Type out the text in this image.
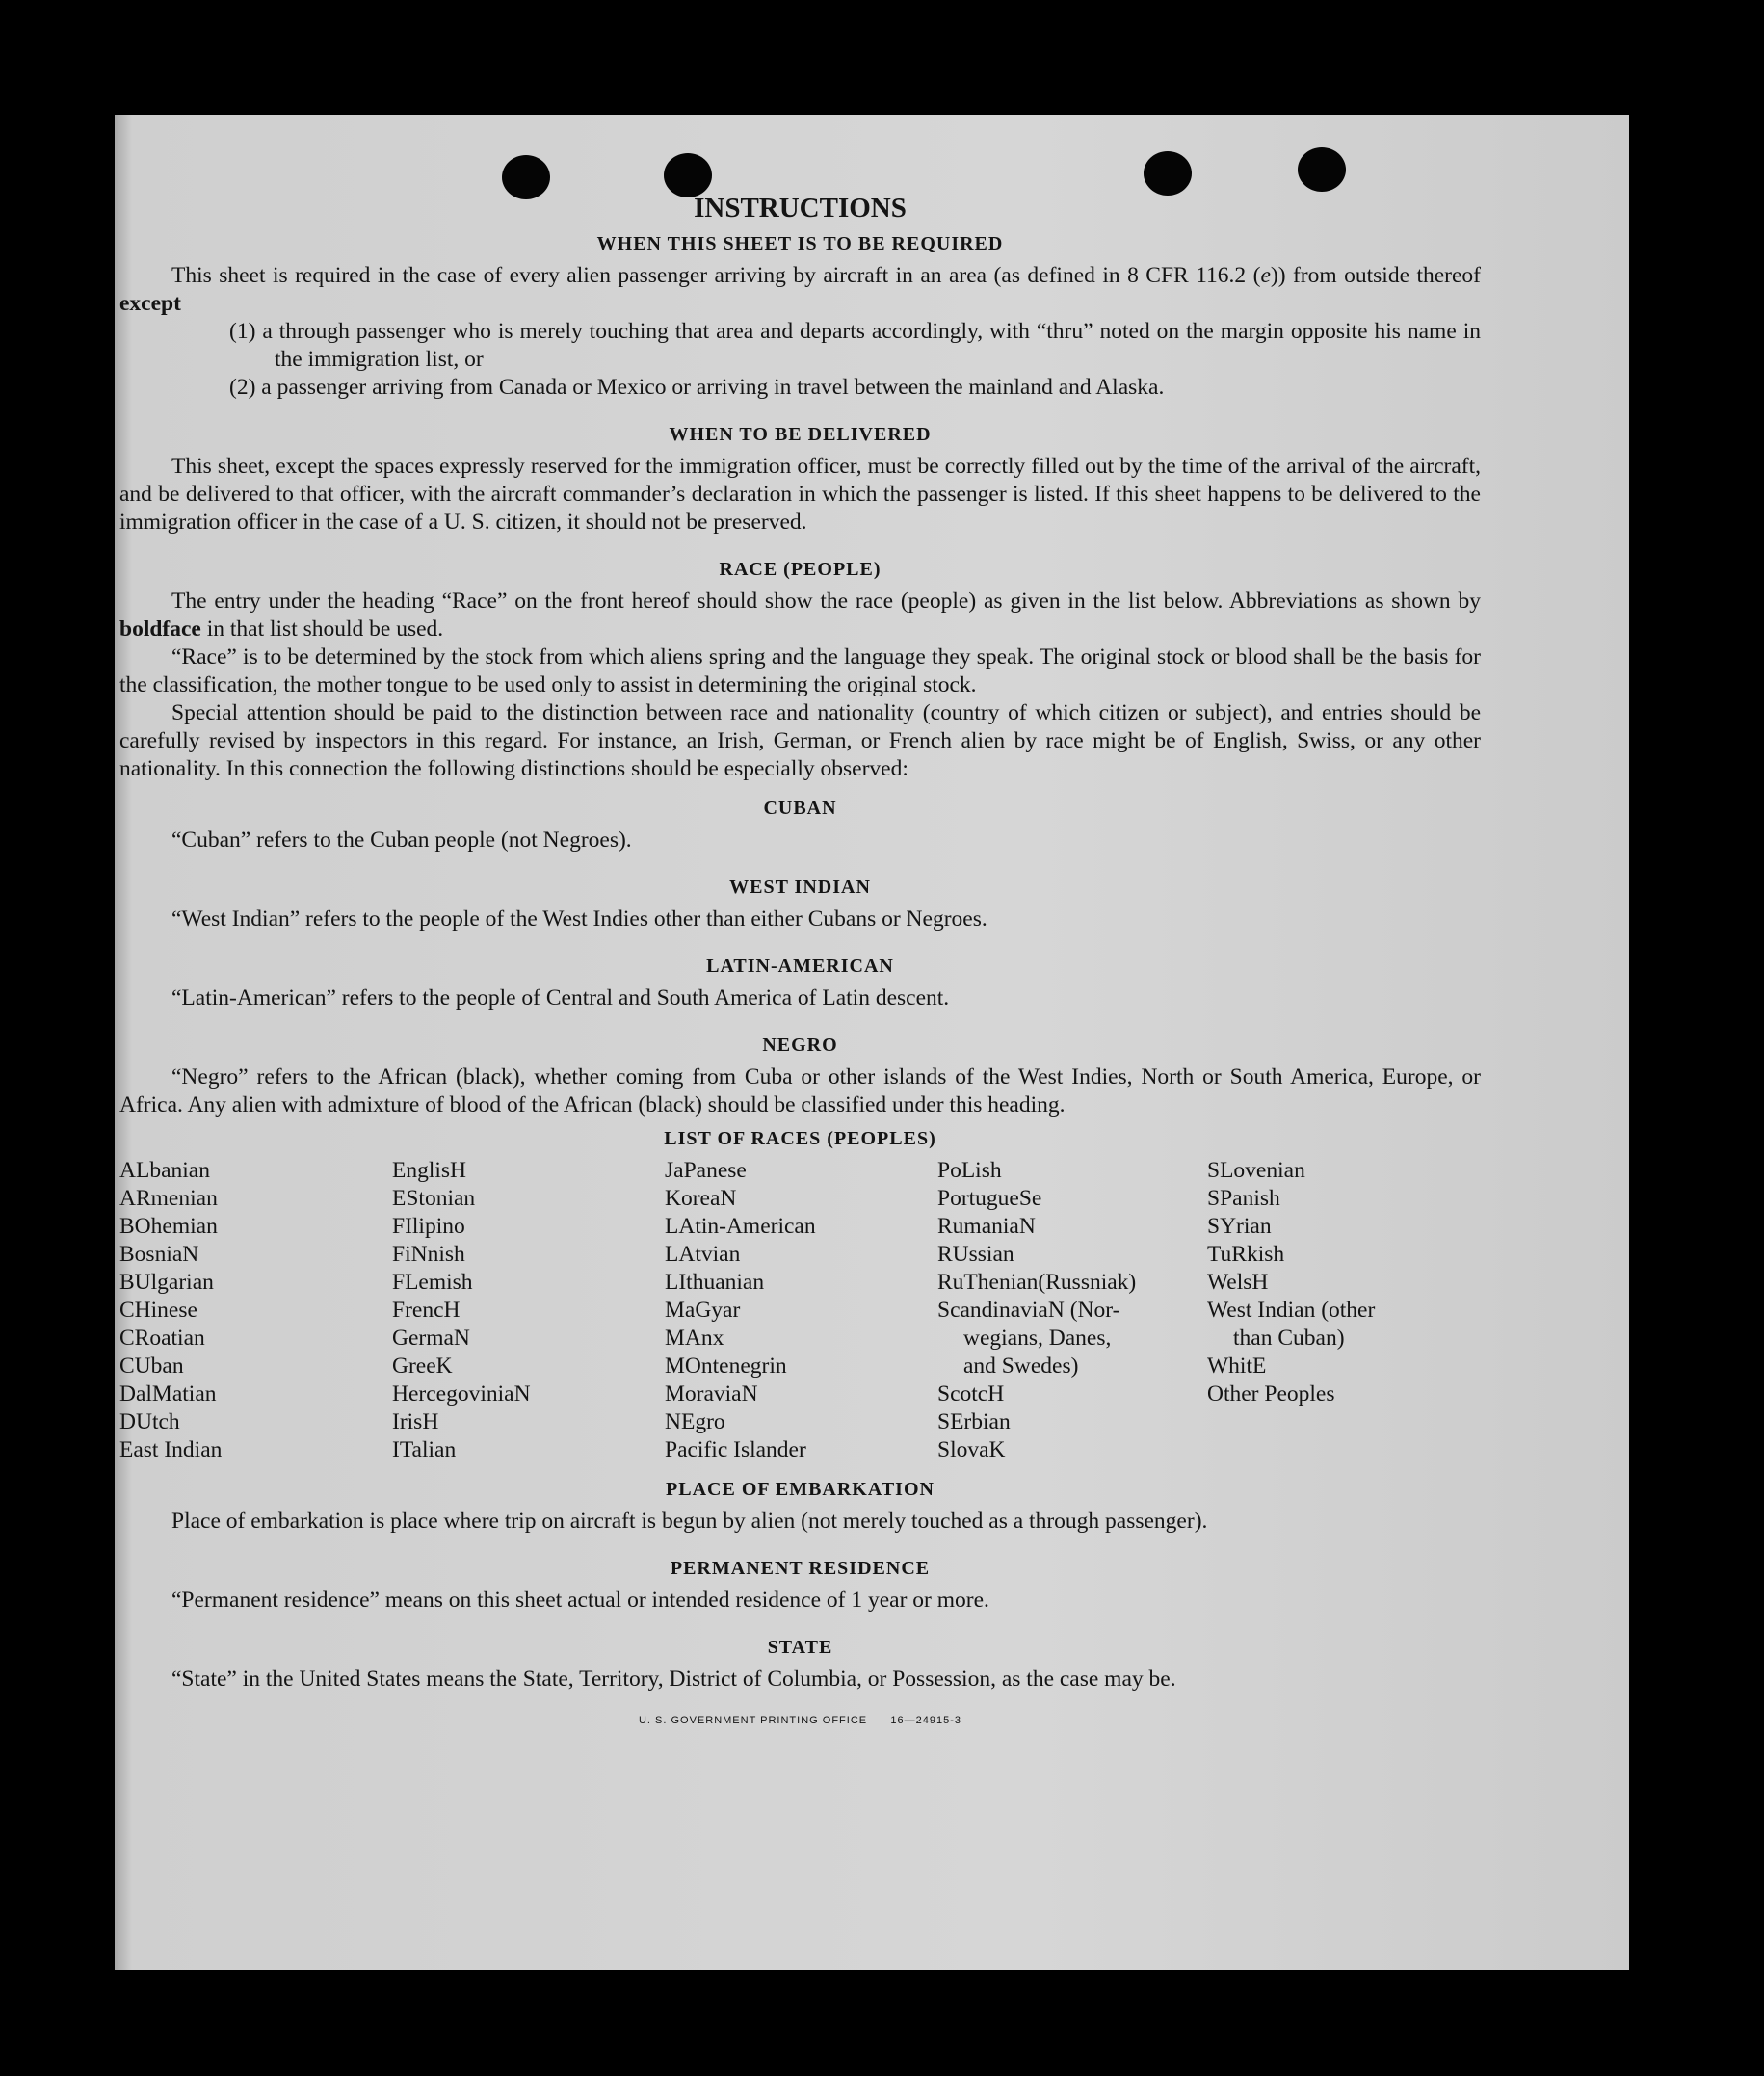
INSTRUCTIONS
WHEN THIS SHEET IS TO BE REQUIRED

This sheet is required in the case of every alien passenger arriving by aircraft in an area (as defined in 8 CFR 116.2 (e)) from outside thereof except

(1) a through passenger who is merely touching that area and departs accordingly, with “thru” noted on the margin opposite his name in the immigration list, or

(2) a passenger arriving from Canada or Mexico or arriving in travel between the mainland and Alaska.

WHEN TO BE DELIVERED

This sheet, except the spaces expressly reserved for the immigration officer, must be correctly filled out by the time of the arrival of the aircraft, and be delivered to that officer, with the aircraft commander’s declaration in which the passenger is listed. If this sheet happens to be delivered to the immigration officer in the case of a U. S. citizen, it should not be preserved.

RACE (PEOPLE)

The entry under the heading “Race” on the front hereof should show the race (people) as given in the list below. Abbreviations as shown by boldface in that list should be used.

“Race” is to be determined by the stock from which aliens spring and the language they speak. The original stock or blood shall be the basis for the classification, the mother tongue to be used only to assist in determining the original stock.

Special attention should be paid to the distinction between race and nationality (country of which citizen or subject), and entries should be carefully revised by inspectors in this regard. For instance, an Irish, German, or French alien by race might be of English, Swiss, or any other nationality. In this connection the following distinctions should be especially observed:

CUBAN

“Cuban” refers to the Cuban people (not Negroes).

WEST INDIAN

“West Indian” refers to the people of the West Indies other than either Cubans or Negroes.

LATIN-AMERICAN

“Latin-American” refers to the people of Central and South America of Latin descent.

NEGRO

“Negro” refers to the African (black), whether coming from Cuba or other islands of the West Indies, North or South America, Europe, or Africa. Any alien with admixture of blood of the African (black) should be classified under this heading.

LIST OF RACES (PEOPLES)
ALbanian
ARmenian
BOhemian
BosniaN
BUlgarian
CHinese
CRoatian
CUban
DalMatian
DUtch
East Indian
EnglisH
EStonian
FIlipino
FiNnish
FLemish
FrencH
GermaN
GreeK
HercegoviniaN
IrisH
ITalian
JaPanese
KoreaN
LAtin-American
LAtvian
LIthuanian
MaGyar
MAnx
MOntenegrin
MoraviaN
NEgro
Pacific Islander
PoLish
PortugueSe
RumaniaN
RUssian
RuThenian(Russniak)
ScandinaviaN (Nor-
wegians, Danes,
and Swedes)
ScotcH
SErbian
SlovaK
SLovenian
SPanish
SYrian
TuRkish
WelsH
West Indian (other
than Cuban)
WhitE
Other Peoples
PLACE OF EMBARKATION

Place of embarkation is place where trip on aircraft is begun by alien (not merely touched as a through passenger).

PERMANENT RESIDENCE

“Permanent residence” means on this sheet actual or intended residence of 1 year or more.

STATE

“State” in the United States means the State, Territory, District of Columbia, or Possession, as the case may be.

U. S. GOVERNMENT PRINTING OFFICE      16—24915-3
